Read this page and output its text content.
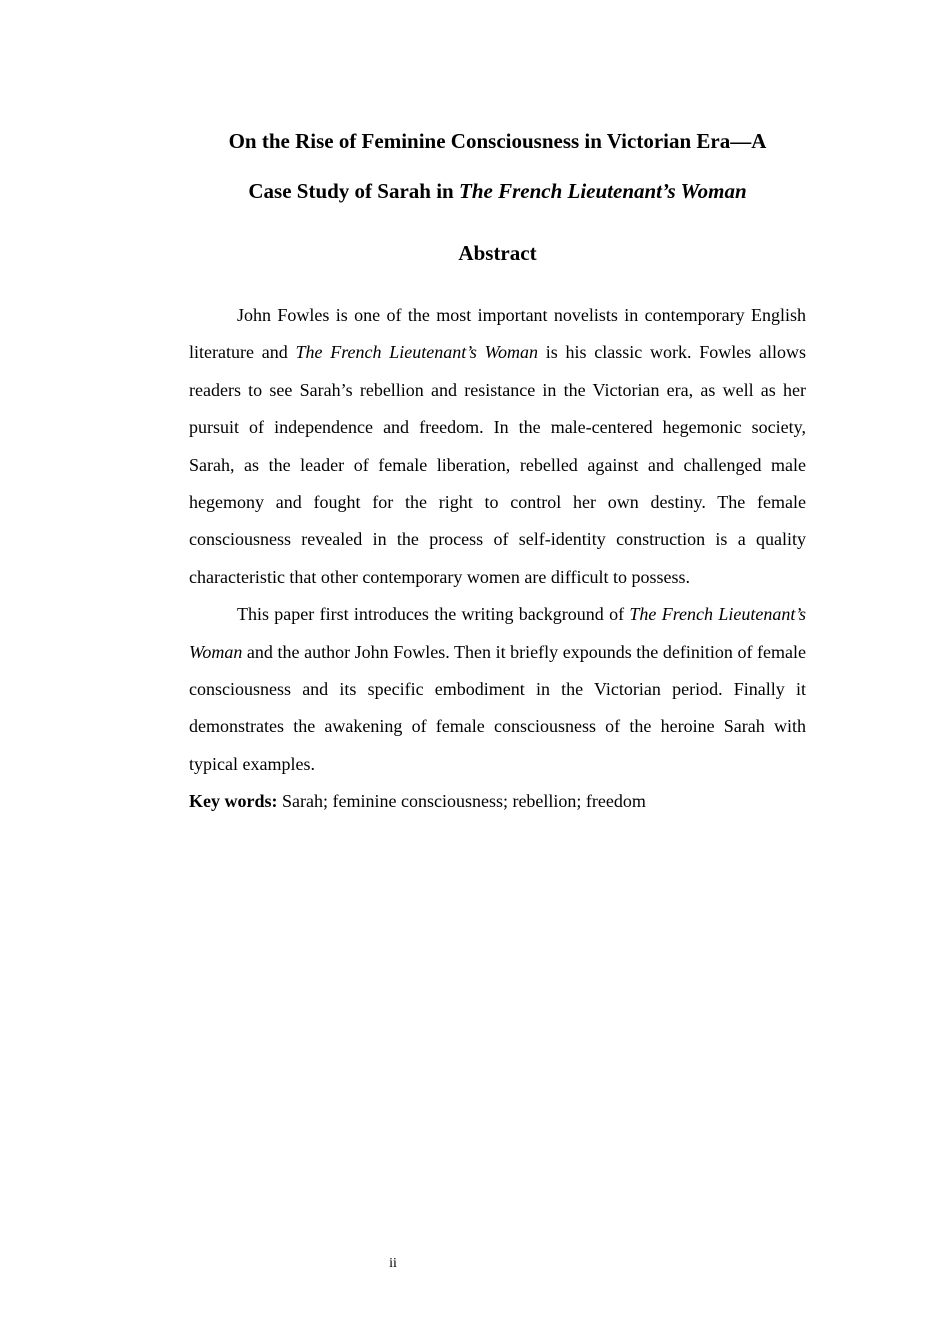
On the Rise of Feminine Consciousness in Victorian Era—A
Case Study of Sarah in The French Lieutenant’s Woman
Abstract

John Fowles is one of the most important novelists in contemporary English literature and The French Lieutenant’s Woman is his classic work. Fowles allows readers to see Sarah’s rebellion and resistance in the Victorian era, as well as her pursuit of independence and freedom. In the male-centered hegemonic society, Sarah, as the leader of female liberation, rebelled against and challenged male hegemony and fought for the right to control her own destiny. The female consciousness revealed in the process of self-identity construction is a quality characteristic that other contemporary women are difficult to possess.

This paper first introduces the writing background of The French Lieutenant’s Woman and the author John Fowles. Then it briefly expounds the definition of female consciousness and its specific embodiment in the Victorian period. Finally it demonstrates the awakening of female consciousness of the heroine Sarah with typical examples.

Key words: Sarah; feminine consciousness; rebellion; freedom

ii
